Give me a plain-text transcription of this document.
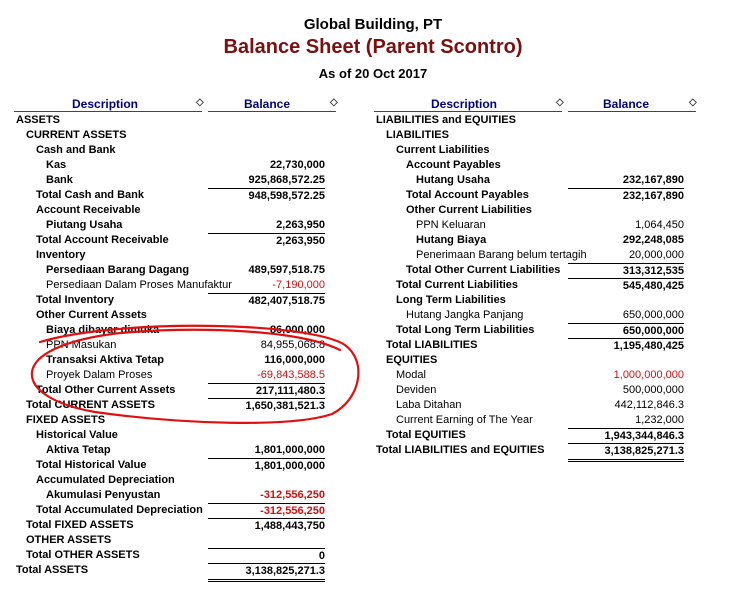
Global Building, PT
Balance Sheet (Parent Scontro)
As of 20 Oct 2017
Description	◇	Balance	◇	Description	◇	Balance	◇
ASSETS
CURRENT ASSETS
Cash and Bank
Kas	22,730,000
Bank	925,868,572.25
Total Cash and Bank	948,598,572.25
Account Receivable
Piutang Usaha	2,263,950
Total Account Receivable	2,263,950
Inventory
Persediaan Barang Dagang	489,597,518.75
Persediaan Dalam Proses Manufaktur	-7,190,000
Total Inventory	482,407,518.75
Other Current Assets
Biaya dibayar dimuka	86,000,000
PPN Masukan	84,955,068.8
Transaksi Aktiva Tetap	116,000,000
Proyek Dalam Proses	-69,843,588.5
Total Other Current Assets	217,111,480.3
Total CURRENT ASSETS	1,650,381,521.3
FIXED ASSETS
Historical Value
Aktiva Tetap	1,801,000,000
Total Historical Value	1,801,000,000
Accumulated Depreciation
Akumulasi Penyustan	-312,556,250
Total Accumulated Depreciation	-312,556,250
Total FIXED ASSETS	1,488,443,750
OTHER ASSETS
Total OTHER ASSETS	0
Total ASSETS	3,138,825,271.3
LIABILITIES and EQUITIES
LIABILITIES
Current Liabilities
Account Payables
Hutang Usaha	232,167,890
Total Account Payables	232,167,890
Other Current Liabilities
PPN Keluaran	1,064,450
Hutang Biaya	292,248,085
Penerimaan Barang belum tertagih	20,000,000
Total Other Current Liabilities	313,312,535
Total Current Liabilities	545,480,425
Long Term Liabilities
Hutang Jangka Panjang	650,000,000
Total Long Term Liabilities	650,000,000
Total LIABILITIES	1,195,480,425
EQUITIES
Modal	1,000,000,000
Deviden	500,000,000
Laba Ditahan	442,112,846.3
Current Earning of The Year	1,232,000
Total EQUITIES	1,943,344,846.3
Total LIABILITIES and EQUITIES	3,138,825,271.3
